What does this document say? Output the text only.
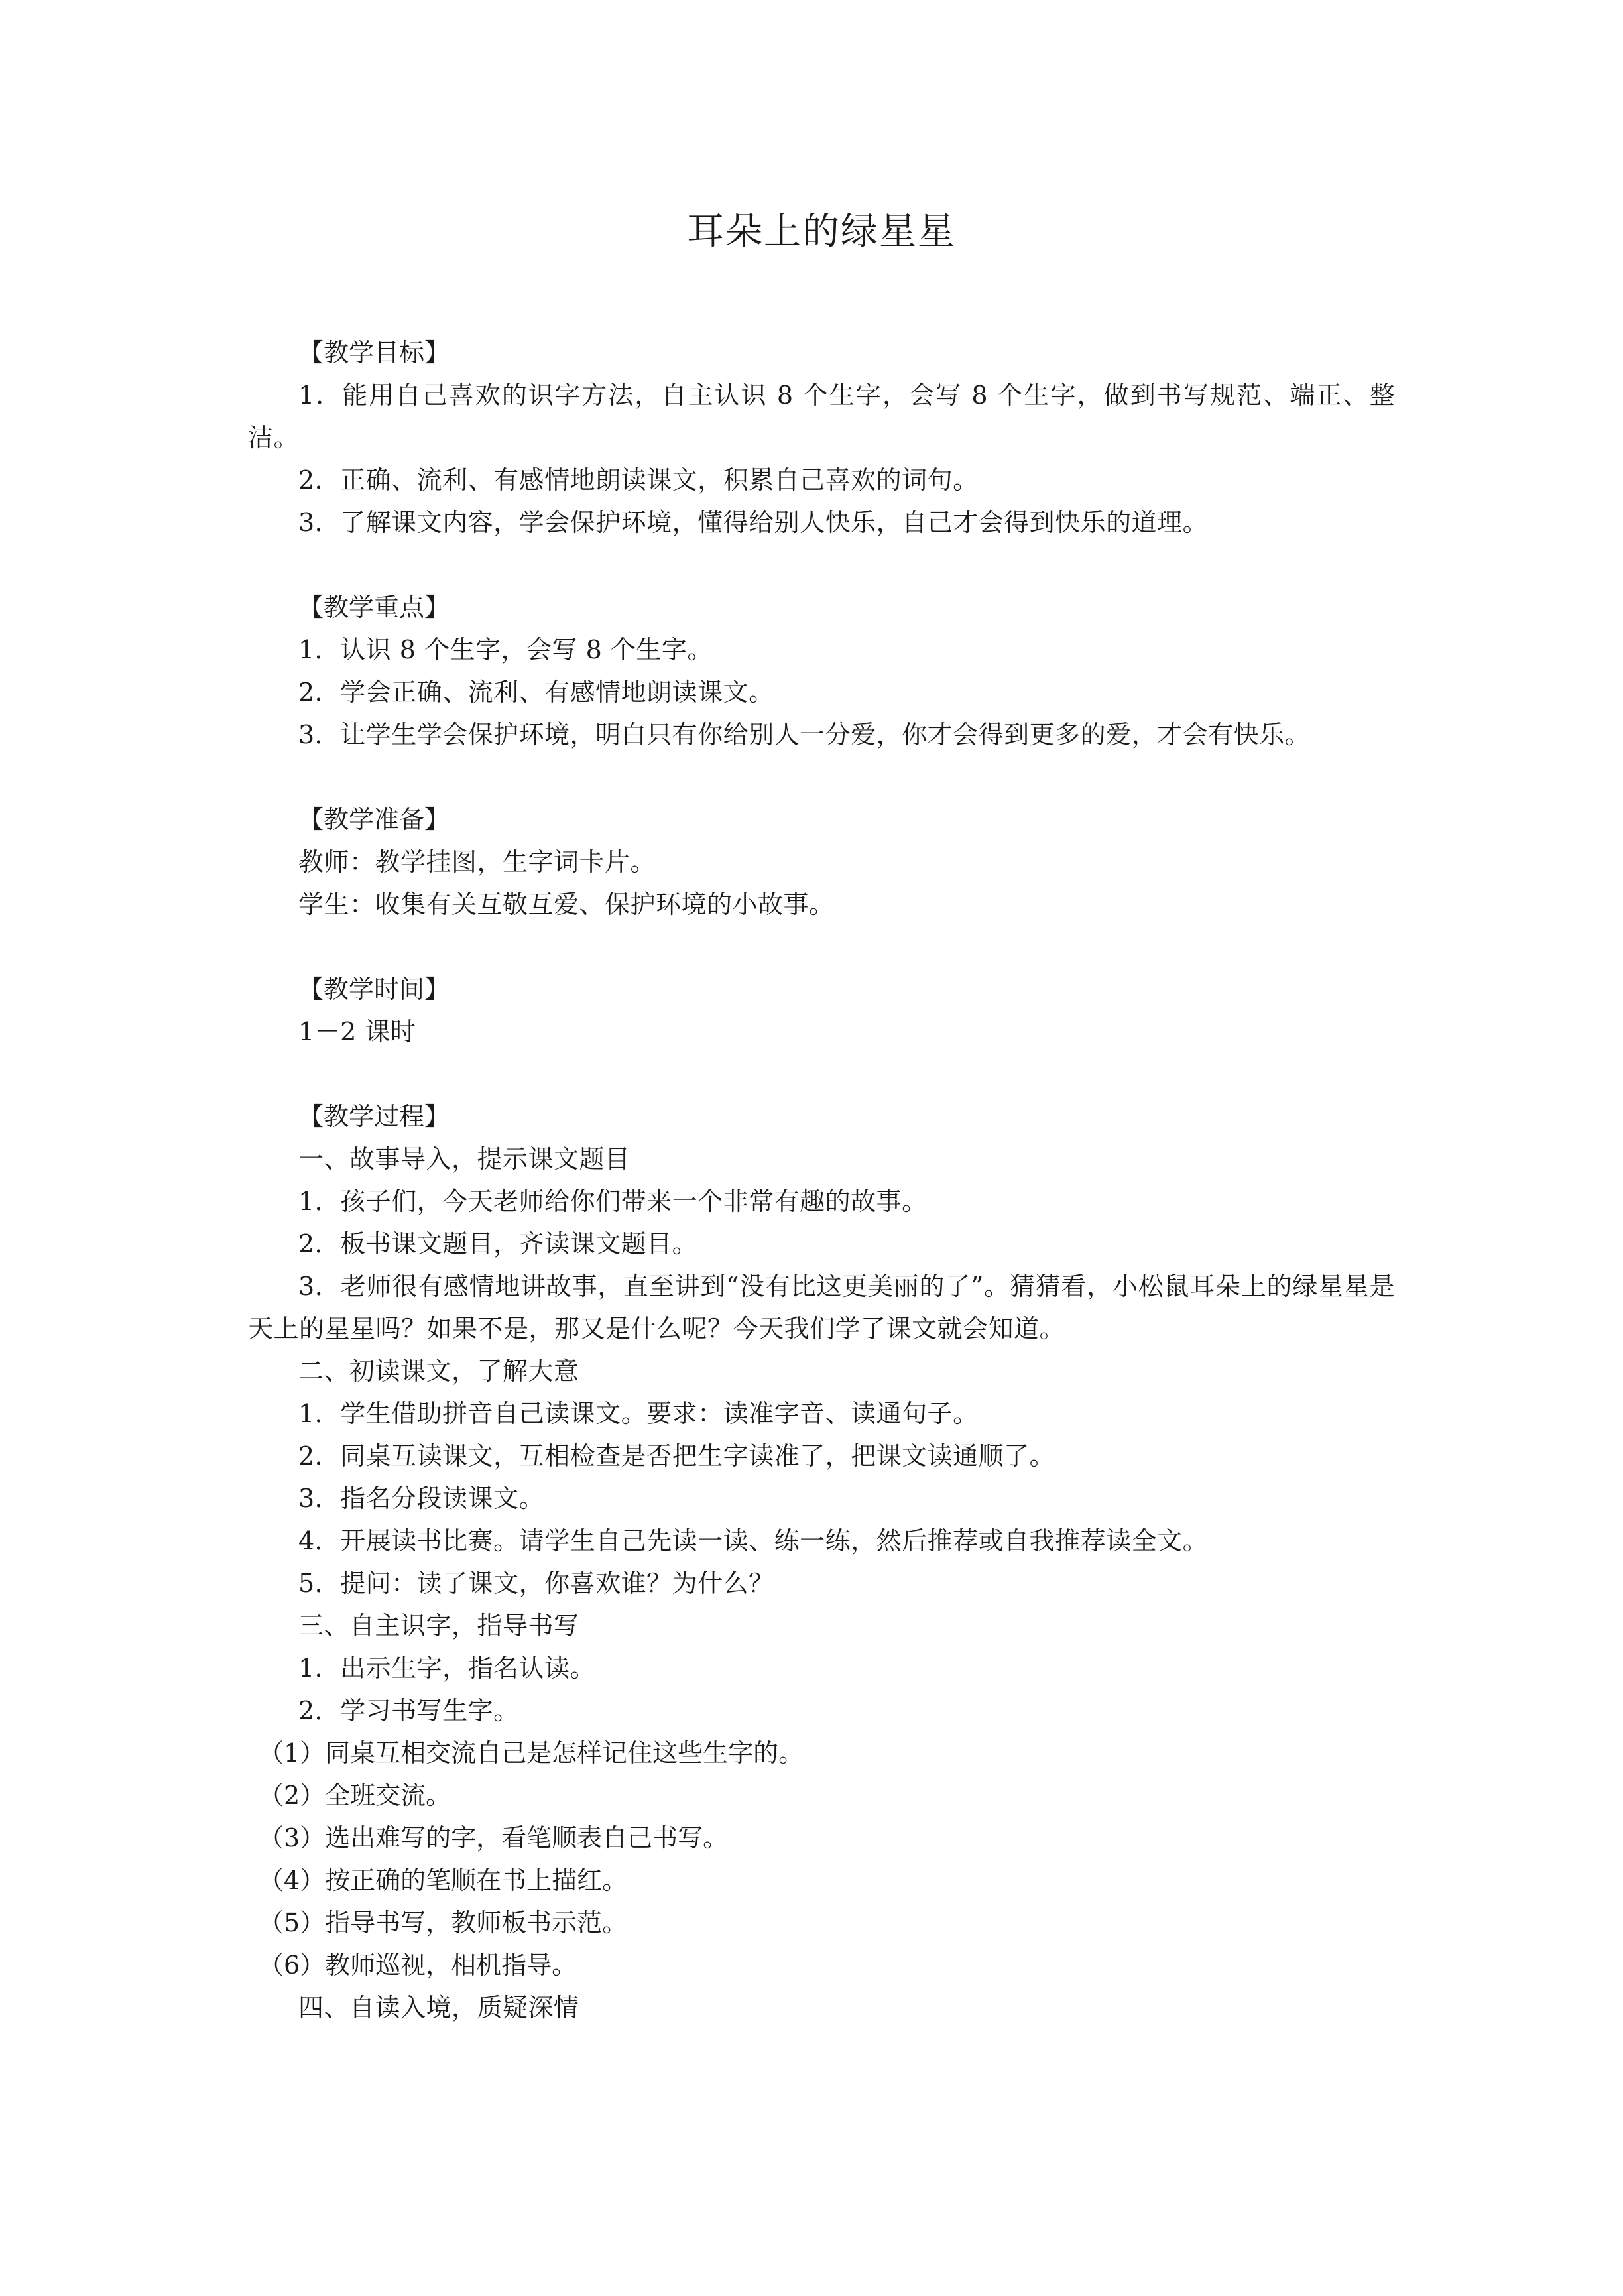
耳朵上的绿星星

【教学目标】

1．能用自己喜欢的识字方法，自主认识 8 个生字，会写 8 个生字，做到书写规范、端正、整洁。

2．正确、流利、有感情地朗读课文，积累自己喜欢的词句。

3．了解课文内容，学会保护环境，懂得给别人快乐，自己才会得到快乐的道理。

【教学重点】

1．认识 8 个生字，会写 8 个生字。

2．学会正确、流利、有感情地朗读课文。

3．让学生学会保护环境，明白只有你给别人一分爱，你才会得到更多的爱，才会有快乐。

【教学准备】

教师：教学挂图，生字词卡片。

学生：收集有关互敬互爱、保护环境的小故事。

【教学时间】

1－2 课时

【教学过程】

一、故事导入，提示课文题目

1．孩子们，今天老师给你们带来一个非常有趣的故事。

2．板书课文题目，齐读课文题目。

3．老师很有感情地讲故事，直至讲到“没有比这更美丽的了”。猜猜看，小松鼠耳朵上的绿星星是天上的星星吗？如果不是，那又是什么呢？今天我们学了课文就会知道。

二、初读课文，了解大意

1．学生借助拼音自己读课文。要求：读准字音、读通句子。

2．同桌互读课文，互相检查是否把生字读准了，把课文读通顺了。

3．指名分段读课文。

4．开展读书比赛。请学生自己先读一读、练一练，然后推荐或自我推荐读全文。

5．提问：读了课文，你喜欢谁？为什么？

三、自主识字，指导书写

1．出示生字，指名认读。

2．学习书写生字。

（1）同桌互相交流自己是怎样记住这些生字的。

（2）全班交流。

（3）选出难写的字，看笔顺表自己书写。

（4）按正确的笔顺在书上描红。

（5）指导书写，教师板书示范。

（6）教师巡视，相机指导。

四、自读入境，质疑深情
